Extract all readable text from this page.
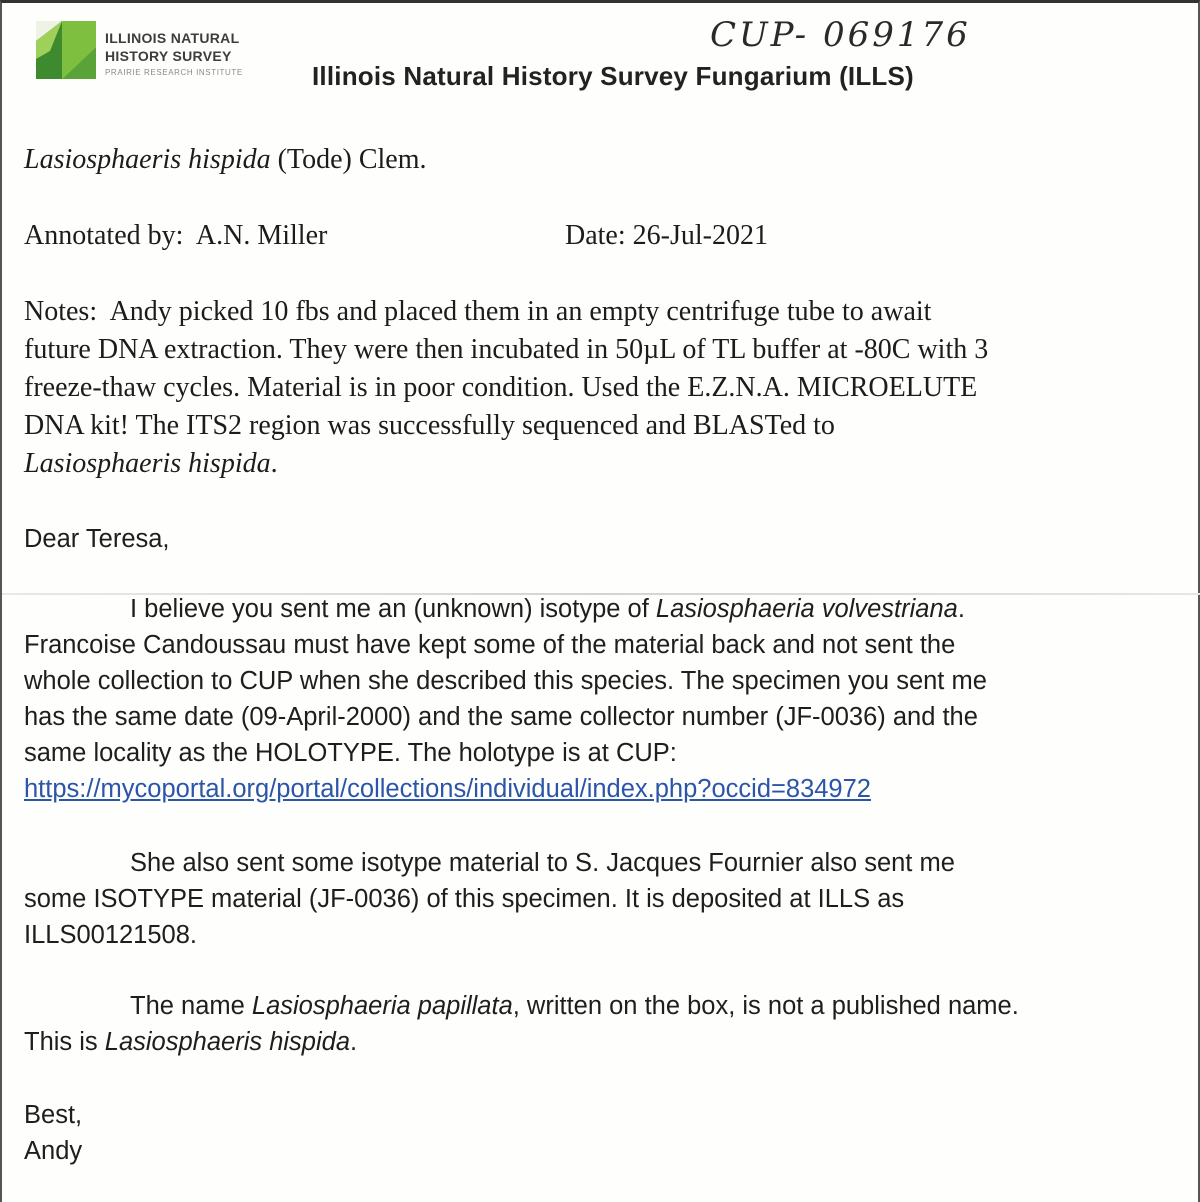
ILLINOIS NATURAL
HISTORY SURVEY
PRAIRIE RESEARCH INSTITUTE	Illinois Natural History Survey Fungarium (ILLS)
CUP- 069176
Lasiosphaeris hispida (Tode) Clem.
Annotated by: A.N. Miller	Date: 26-Jul-2021
Notes: Andy picked 10 fbs and placed them in an empty centrifuge tube to await
future DNA extraction. They were then incubated in 50µL of TL buffer at -80C with 3
freeze-thaw cycles. Material is in poor condition. Used the E.Z.N.A. MICROELUTE
DNA kit! The ITS2 region was successfully sequenced and BLASTed to
Lasiosphaeris hispida.
Dear Teresa,
I believe you sent me an (unknown) isotype of Lasiosphaeria volvestriana.
Francoise Candoussau must have kept some of the material back and not sent the
whole collection to CUP when she described this species. The specimen you sent me
has the same date (09-April-2000) and the same collector number (JF-0036) and the
same locality as the HOLOTYPE. The holotype is at CUP:
https://mycoportal.org/portal/collections/individual/index.php?occid=834972
She also sent some isotype material to S. Jacques Fournier also sent me
some ISOTYPE material (JF-0036) of this specimen. It is deposited at ILLS as
ILLS00121508.
The name Lasiosphaeria papillata, written on the box, is not a published name.
This is Lasiosphaeris hispida.
Best,
Andy
